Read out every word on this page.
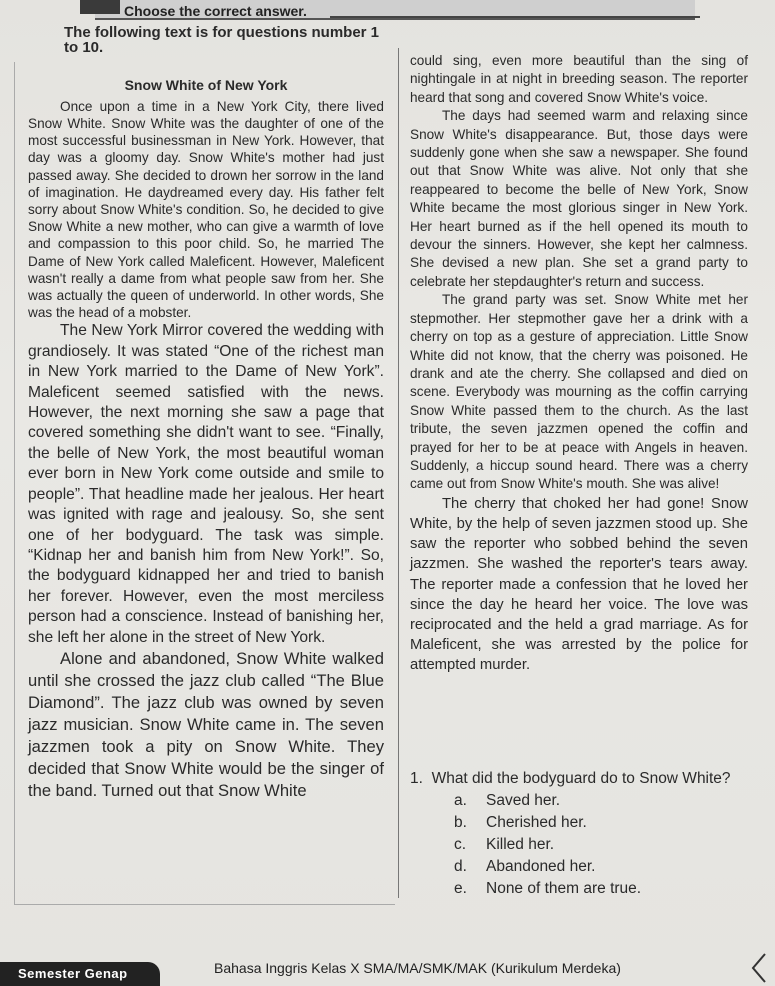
Choose the correct answer.
The following text is for questions number 1 to 10.
Snow White of New York

Once upon a time in a New York City, there lived Snow White. Snow White was the daughter of one of the most successful businessman in New York. However, that day was a gloomy day. Snow White's mother had just passed away. She decided to drown her sorrow in the land of imagination. He daydreamed every day. His father felt sorry about Snow White's condition. So, he decided to give Snow White a new mother, who can give a warmth of love and compassion to this poor child. So, he married The Dame of New York called Maleficent. However, Maleficent wasn't really a dame from what people saw from her. She was actually the queen of underworld. In other words, She was the head of a mobster.

The New York Mirror covered the wedding with grandiosely. It was stated “One of the richest man in New York married to the Dame of New York”. Maleficent seemed satisfied with the news. However, the next morning she saw a page that covered something she didn't want to see. “Finally, the belle of New York, the most beautiful woman ever born in New York come outside and smile to people”. That headline made her jealous. Her heart was ignited with rage and jealousy. So, she sent one of her bodyguard. The task was simple. “Kidnap her and banish him from New York!”. So, the bodyguard kidnapped her and tried to banish her forever. However, even the most merciless person had a conscience. Instead of banishing her, she left her alone in the street of New York.

Alone and abandoned, Snow White walked until she crossed the jazz club called “The Blue Diamond”. The jazz club was owned by seven jazz musician. Snow White came in. The seven jazzmen took a pity on Snow White. They decided that Snow White would be the singer of the band. Turned out that Snow White

could sing, even more beautiful than the sing of nightingale in at night in breeding season. The reporter heard that song and covered Snow White's voice.

The days had seemed warm and relaxing since Snow White's disappearance. But, those days were suddenly gone when she saw a newspaper. She found out that Snow White was alive. Not only that she reappeared to become the belle of New York, Snow White became the most glorious singer in New York. Her heart burned as if the hell opened its mouth to devour the sinners. However, she kept her calmness. She devised a new plan. She set a grand party to celebrate her stepdaughter's return and success.

The grand party was set. Snow White met her stepmother. Her stepmother gave her a drink with a cherry on top as a gesture of appreciation. Little Snow White did not know, that the cherry was poisoned. He drank and ate the cherry. She collapsed and died on scene. Everybody was mourning as the coffin carrying Snow White passed them to the church. As the last tribute, the seven jazzmen opened the coffin and prayed for her to be at peace with Angels in heaven. Suddenly, a hiccup sound heard. There was a cherry came out from Snow White's mouth. She was alive!

The cherry that choked her had gone! Snow White, by the help of seven jazzmen stood up. She saw the reporter who sobbed behind the seven jazzmen. She washed the reporter's tears away. The reporter made a confession that he loved her since the day he heard her voice. The love was reciprocated and the held a grad marriage. As for Maleficent, she was arrested by the police for attempted murder.

1. What did the bodyguard do to Snow White?
a.	Saved her.
b.	Cherished her.
c.	Killed her.
d.	Abandoned her.
e.	None of them are true.
Semester Genap	Bahasa Inggris Kelas X SMA/MA/SMK/MAK (Kurikulum Merdeka)
